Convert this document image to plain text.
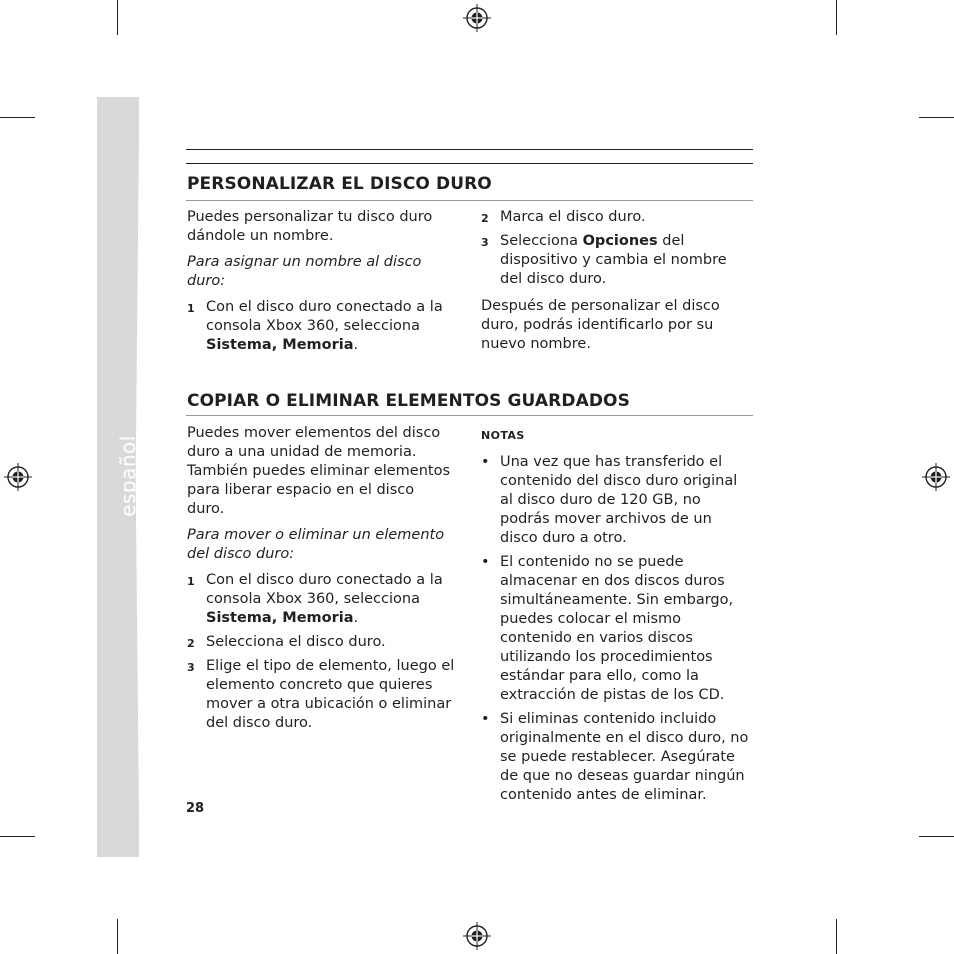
español
PERSONALIZAR EL DISCO DURO

Puedes personalizar tu disco duro dándole un nombre.

Para asignar un nombre al disco duro:

1 Con el disco duro conectado a la consola Xbox 360, selecciona Sistema, Memoria.
2 Marca el disco duro.
3 Selecciona Opciones del dispositivo y cambia el nombre del disco duro.

Después de personalizar el disco duro, podrás identificarlo por su nuevo nombre.

COPIAR O ELIMINAR ELEMENTOS GUARDADOS

Puedes mover elementos del disco duro a una unidad de memoria. También puedes eliminar elementos para liberar espacio en el disco duro.

Para mover o eliminar un elemento del disco duro:

1 Con el disco duro conectado a la consola Xbox 360, selecciona Sistema, Memoria.
2 Selecciona el disco duro.
3 Elige el tipo de elemento, luego el elemento concreto que quieres mover a otra ubicación o eliminar del disco duro.
NOTAS
• Una vez que has transferido el contenido del disco duro original al disco duro de 120 GB, no podrás mover archivos de un disco duro a otro.
• El contenido no se puede almacenar en dos discos duros simultáneamente. Sin embargo, puedes colocar el mismo contenido en varios discos utilizando los procedimientos estándar para ello, como la extracción de pistas de los CD.
• Si eliminas contenido incluido originalmente en el disco duro, no se puede restablecer. Asegúrate de que no deseas guardar ningún contenido antes de eliminar.
28
